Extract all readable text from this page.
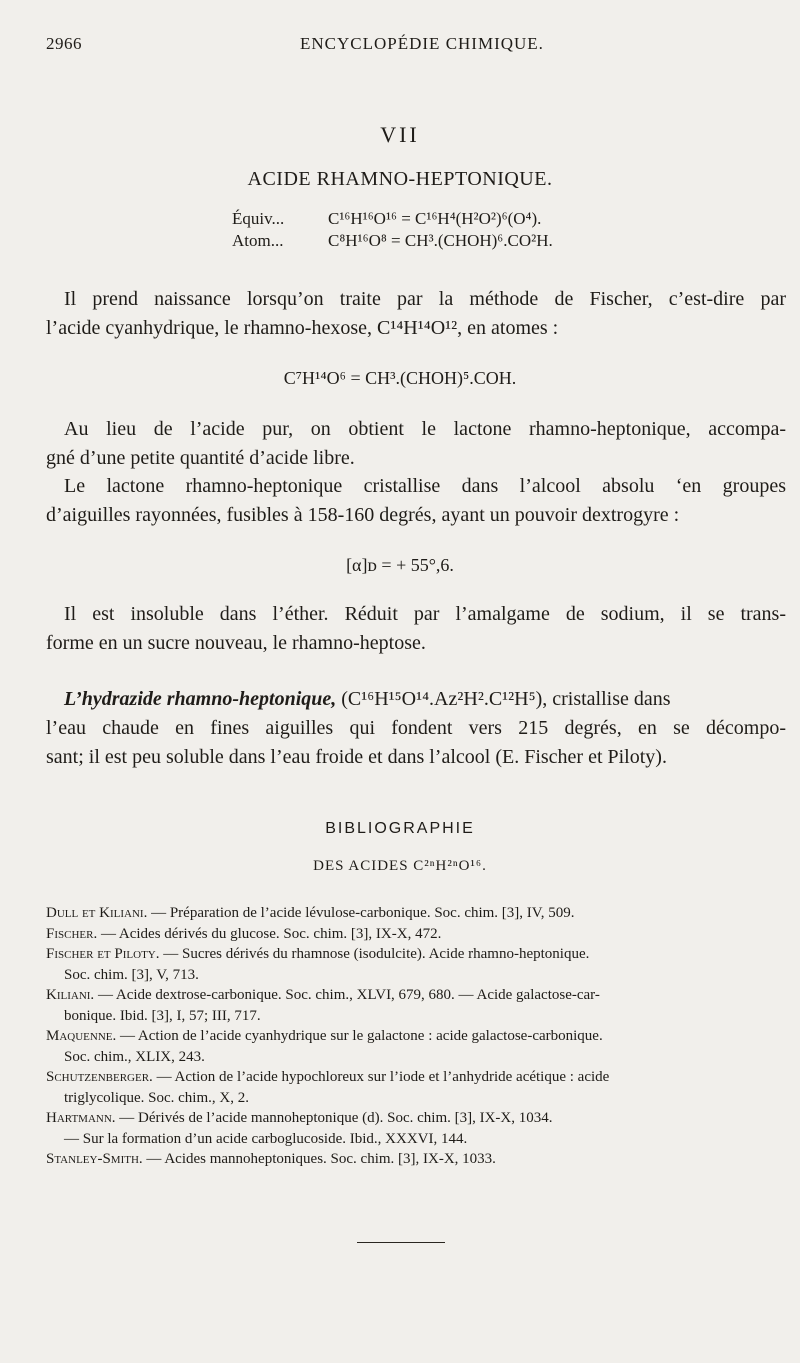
2966	ENCYCLOPÉDIE CHIMIQUE.
VII
ACIDE RHAMNO-HEPTONIQUE.
Équiv...	C¹⁶H¹⁶O¹⁶ = C¹⁶H⁴(H²O²)⁶(O⁴).
Atom...	C⁸H¹⁶O⁸ = CH³.(CHOH)⁶.CO²H.
Il prend naissance lorsqu’on traite par la méthode de Fischer, c’est-dire par
l’acide cyanhydrique, le rhamno-hexose, C¹⁴H¹⁴O¹², en atomes :
C⁷H¹⁴O⁶ = CH³.(CHOH)⁵.COH.
Au lieu de l’acide pur, on obtient le lactone rhamno-heptonique, accompa-
gné d’une petite quantité d’acide libre.
Le lactone rhamno-heptonique cristallise dans l’alcool absolu ‘en groupes
d’aiguilles rayonnées, fusibles à 158-160 degrés, ayant un pouvoir dextrogyre :
[α]ᴅ = + 55°,6.
Il est insoluble dans l’éther. Réduit par l’amalgame de sodium, il se trans-
forme en un sucre nouveau, le rhamno-heptose.
L’hydrazide rhamno-heptonique, (C¹⁶H¹⁵O¹⁴.Az²H².C¹²H⁵), cristallise dans
l’eau chaude en fines aiguilles qui fondent vers 215 degrés, en se décompo-
sant; il est peu soluble dans l’eau froide et dans l’alcool (E. Fischer et Piloty).
BIBLIOGRAPHIE
DES ACIDES C²ⁿH²ⁿO¹⁶.
Dull et Kiliani. — Préparation de l’acide lévulose-carbonique. Soc. chim. [3], IV, 509.
Fischer. — Acides dérivés du glucose. Soc. chim. [3], IX-X, 472.
Fischer et Piloty. — Sucres dérivés du rhamnose (isodulcite). Acide rhamno-heptonique.
Soc. chim. [3], V, 713.
Kiliani. — Acide dextrose-carbonique. Soc. chim., XLVI, 679, 680. — Acide galactose-car-
bonique. Ibid. [3], I, 57; III, 717.
Maquenne. — Action de l’acide cyanhydrique sur le galactone : acide galactose-carbonique.
Soc. chim., XLIX, 243.
Schutzenberger. — Action de l’acide hypochloreux sur l’iode et l’anhydride acétique : acide
triglycolique. Soc. chim., X, 2.
Hartmann. — Dérivés de l’acide mannoheptonique (d). Soc. chim. [3], IX-X, 1034.
— Sur la formation d’un acide carboglucoside. Ibid., XXXVI, 144.
Stanley-Smith. — Acides mannoheptoniques. Soc. chim. [3], IX-X, 1033.
